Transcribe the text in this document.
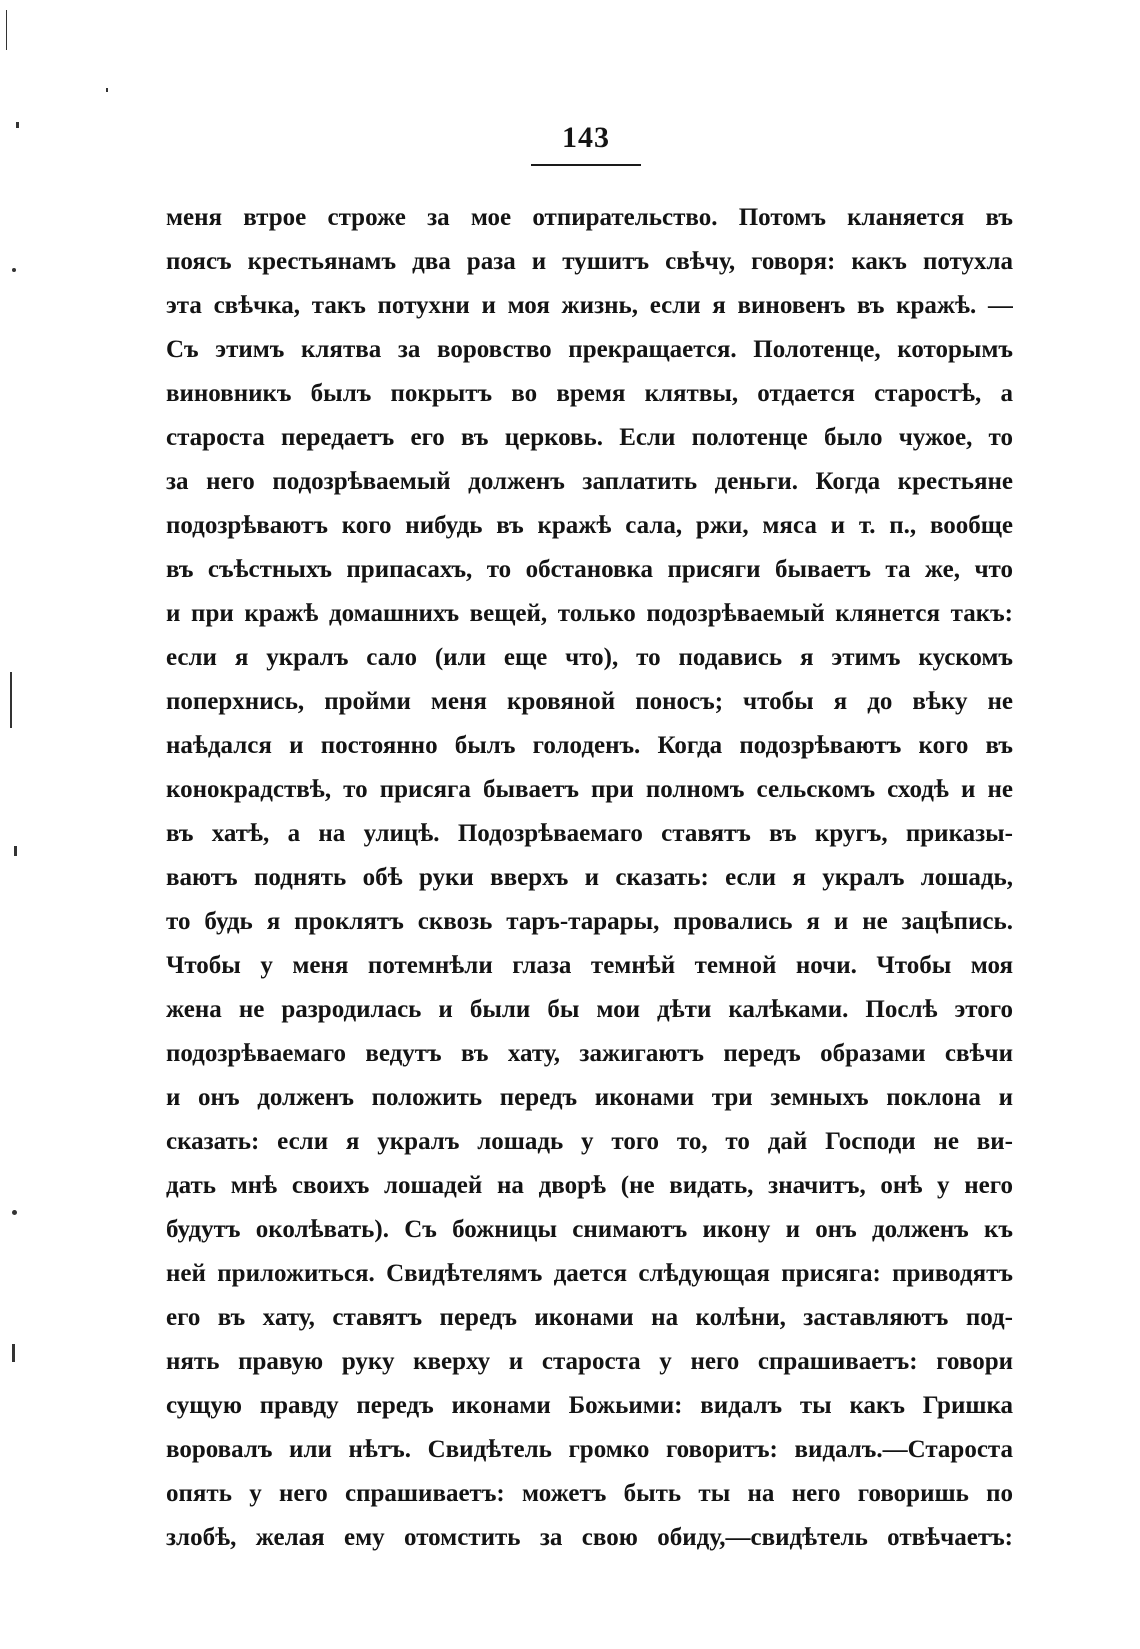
143
меня втрое строже за мое отпирательство. Потомъ кланяется въ
поясъ крестьянамъ два раза и тушитъ свѣчу, говоря: какъ потухла
эта свѣчка, такъ потухни и моя жизнь, если я виновенъ въ кражѣ. —
Съ этимъ клятва за воровство прекращается. Полотенце, которымъ
виновникъ былъ покрытъ во время клятвы, отдается старостѣ, а
староста передаетъ его въ церковь. Если полотенце было чужое, то
за него подозрѣваемый долженъ заплатить деньги. Когда крестьяне
подозрѣваютъ кого нибудь въ кражѣ сала, ржи, мяса и т. п., вообще
въ съѣстныхъ припасахъ, то обстановка присяги бываетъ та же, что
и при кражѣ домашнихъ вещей, только подозрѣваемый клянется такъ:
если я укралъ сало (или еще что), то подавись я этимъ кускомъ
поперхнись, пройми меня кровяной поносъ; чтобы я до вѣку не
наѣдался и постоянно былъ голоденъ. Когда подозрѣваютъ кого въ
конокрадствѣ, то присяга бываетъ при полномъ сельскомъ сходѣ и не
въ хатѣ, а на улицѣ. Подозрѣваемаго ставятъ въ кругъ, приказы-
ваютъ поднять обѣ руки вверхъ и сказать: если я укралъ лошадь,
то будь я проклятъ сквозь таръ-тарары, провались я и не зацѣпись.
Чтобы у меня потемнѣли глаза темнѣй темной ночи. Чтобы моя
жена не разродилась и были бы мои дѣти калѣками. Послѣ этого
подозрѣваемаго ведутъ въ хату, зажигаютъ передъ образами свѣчи
и онъ долженъ положить передъ иконами три земныхъ поклона и
сказать: если я укралъ лошадь у того то, то дай Господи не ви-
дать мнѣ своихъ лошадей на дворѣ (не видать, значитъ, онѣ у него
будутъ околѣвать). Съ божницы снимаютъ икону и онъ долженъ къ
ней приложиться. Свидѣтелямъ дается слѣдующая присяга: приводятъ
его въ хату, ставятъ передъ иконами на колѣни, заставляютъ под-
нять правую руку кверху и староста у него спрашиваетъ: говори
сущую правду передъ иконами Божьими: видалъ ты какъ Гришка
воровалъ или нѣтъ. Свидѣтель громко говоритъ: видалъ.—Староста
опять у него спрашиваетъ: можетъ быть ты на него говоришь по
злобѣ, желая ему отомстить за свою обиду,—свидѣтель отвѣчаетъ:
